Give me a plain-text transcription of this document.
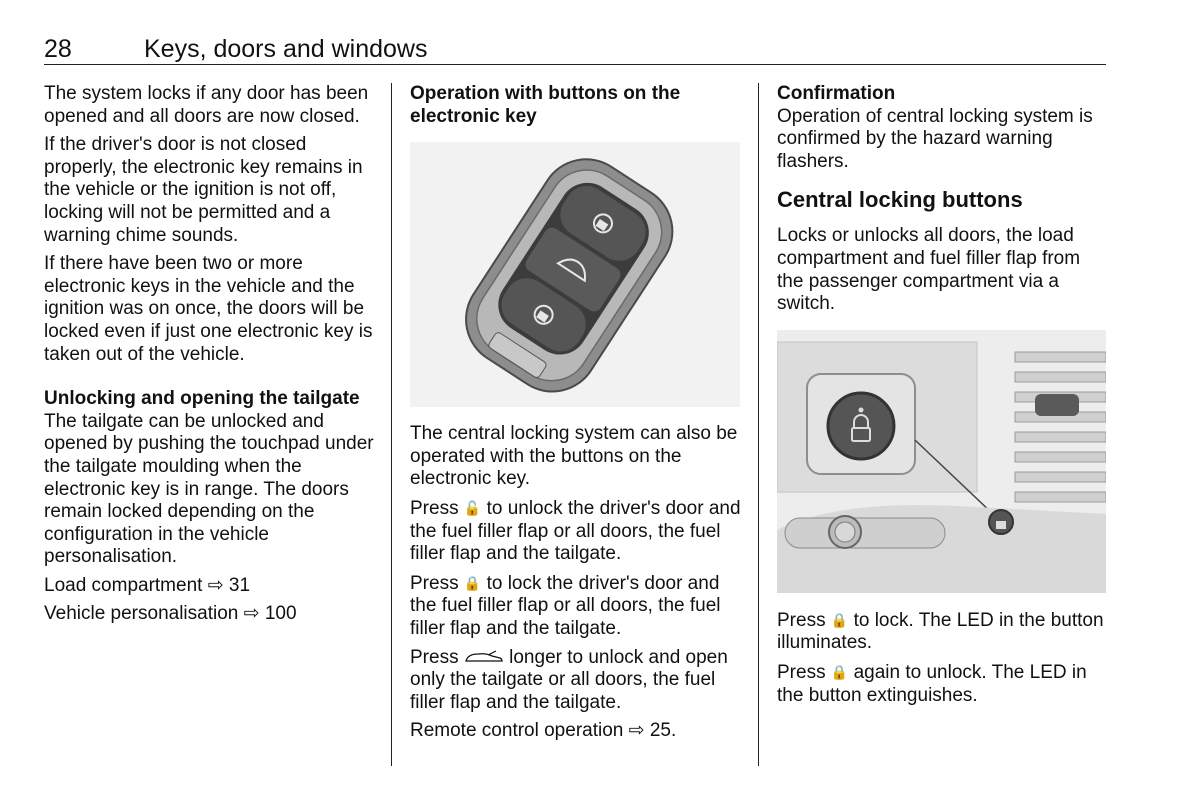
28	Keys, doors and windows

The system locks if any door has been opened and all doors are now closed.

If the driver's door is not closed properly, the electronic key remains in the vehicle or the ignition is not off, locking will not be permitted and a warning chime sounds.

If there have been two or more electronic keys in the vehicle and the ignition was on once, the doors will be locked even if just one electronic key is taken out of the vehicle.

Unlocking and opening the tailgate

The tailgate can be unlocked and opened by pushing the touchpad under the tailgate moulding when the electronic key is in range. The doors remain locked depending on the configuration in the vehicle personalisation.

Load compartment ⇨ 31

Vehicle personalisation ⇨ 100

Operation with buttons on the electronic key

The central locking system can also be operated with the buttons on the electronic key.

Press 🔓 to unlock the driver's door and the fuel filler flap or all doors, the fuel filler flap and the tailgate.

Press 🔒 to lock the driver's door and the fuel filler flap or all doors, the fuel filler flap and the tailgate.

Press	longer to unlock and open only the tailgate or all doors, the fuel filler flap and the tailgate.

Remote control operation ⇨ 25.

Confirmation

Operation of central locking system is confirmed by the hazard warning flashers.

Central locking buttons

Locks or unlocks all doors, the load compartment and fuel filler flap from the passenger compartment via a switch.

Press 🔒 to lock. The LED in the button illuminates.

Press 🔒 again to unlock. The LED in the button extinguishes.
